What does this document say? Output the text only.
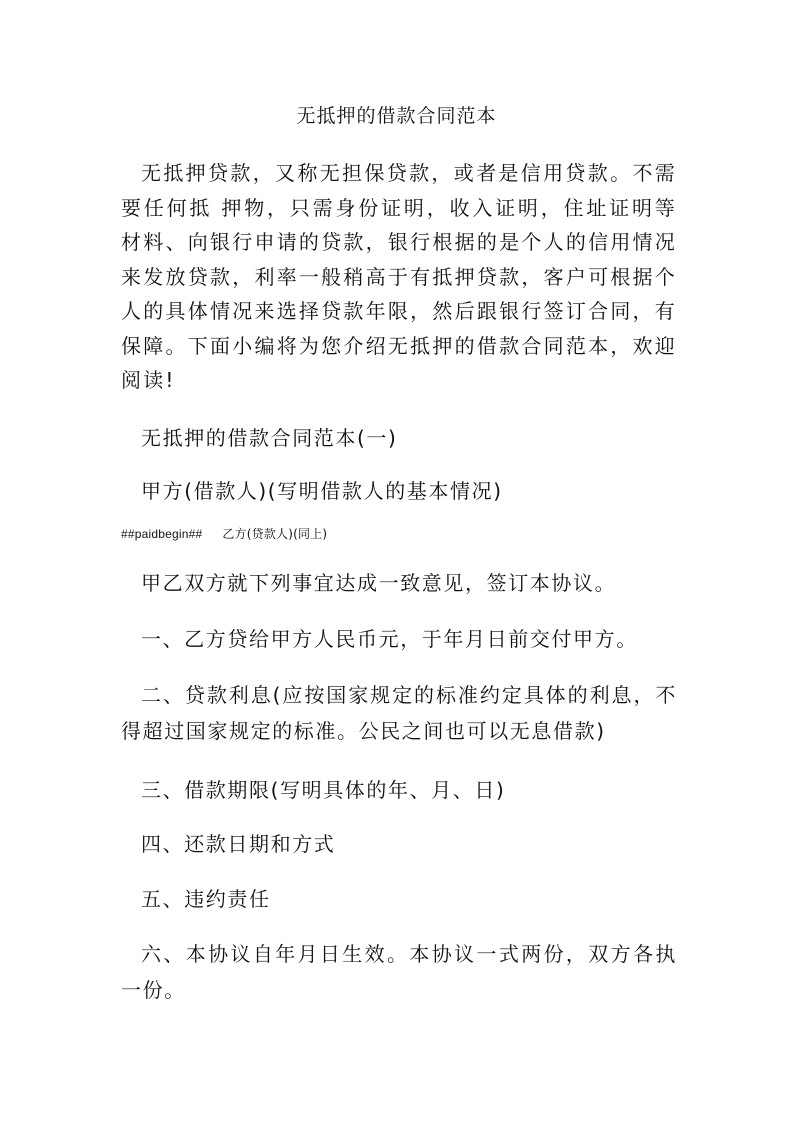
无抵押的借款合同范本
无抵押贷款，又称无担保贷款，或者是信用贷款。不需要任何抵 押物，只需身份证明，收入证明，住址证明等材料、向银行申请的贷款，银行根据的是个人的信用情况来发放贷款，利率一般稍高于有抵押贷款，客户可根据个人的具体情况来选择贷款年限，然后跟银行签订合同，有保障。下面小编将为您介绍无抵押的借款合同范本，欢迎阅读!
无抵押的借款合同范本(一)
甲方(借款人)(写明借款人的基本情况)
##paidbegin## 乙方(贷款人)(同上)
甲乙双方就下列事宜达成一致意见，签订本协议。
一、乙方贷给甲方人民币元，于年月日前交付甲方。
二、贷款利息(应按国家规定的标准约定具体的利息，不得超过国家规定的标准。公民之间也可以无息借款)
三、借款期限(写明具体的年、月、日)
四、还款日期和方式
五、违约责任
六、本协议自年月日生效。本协议一式两份，双方各执一份。
